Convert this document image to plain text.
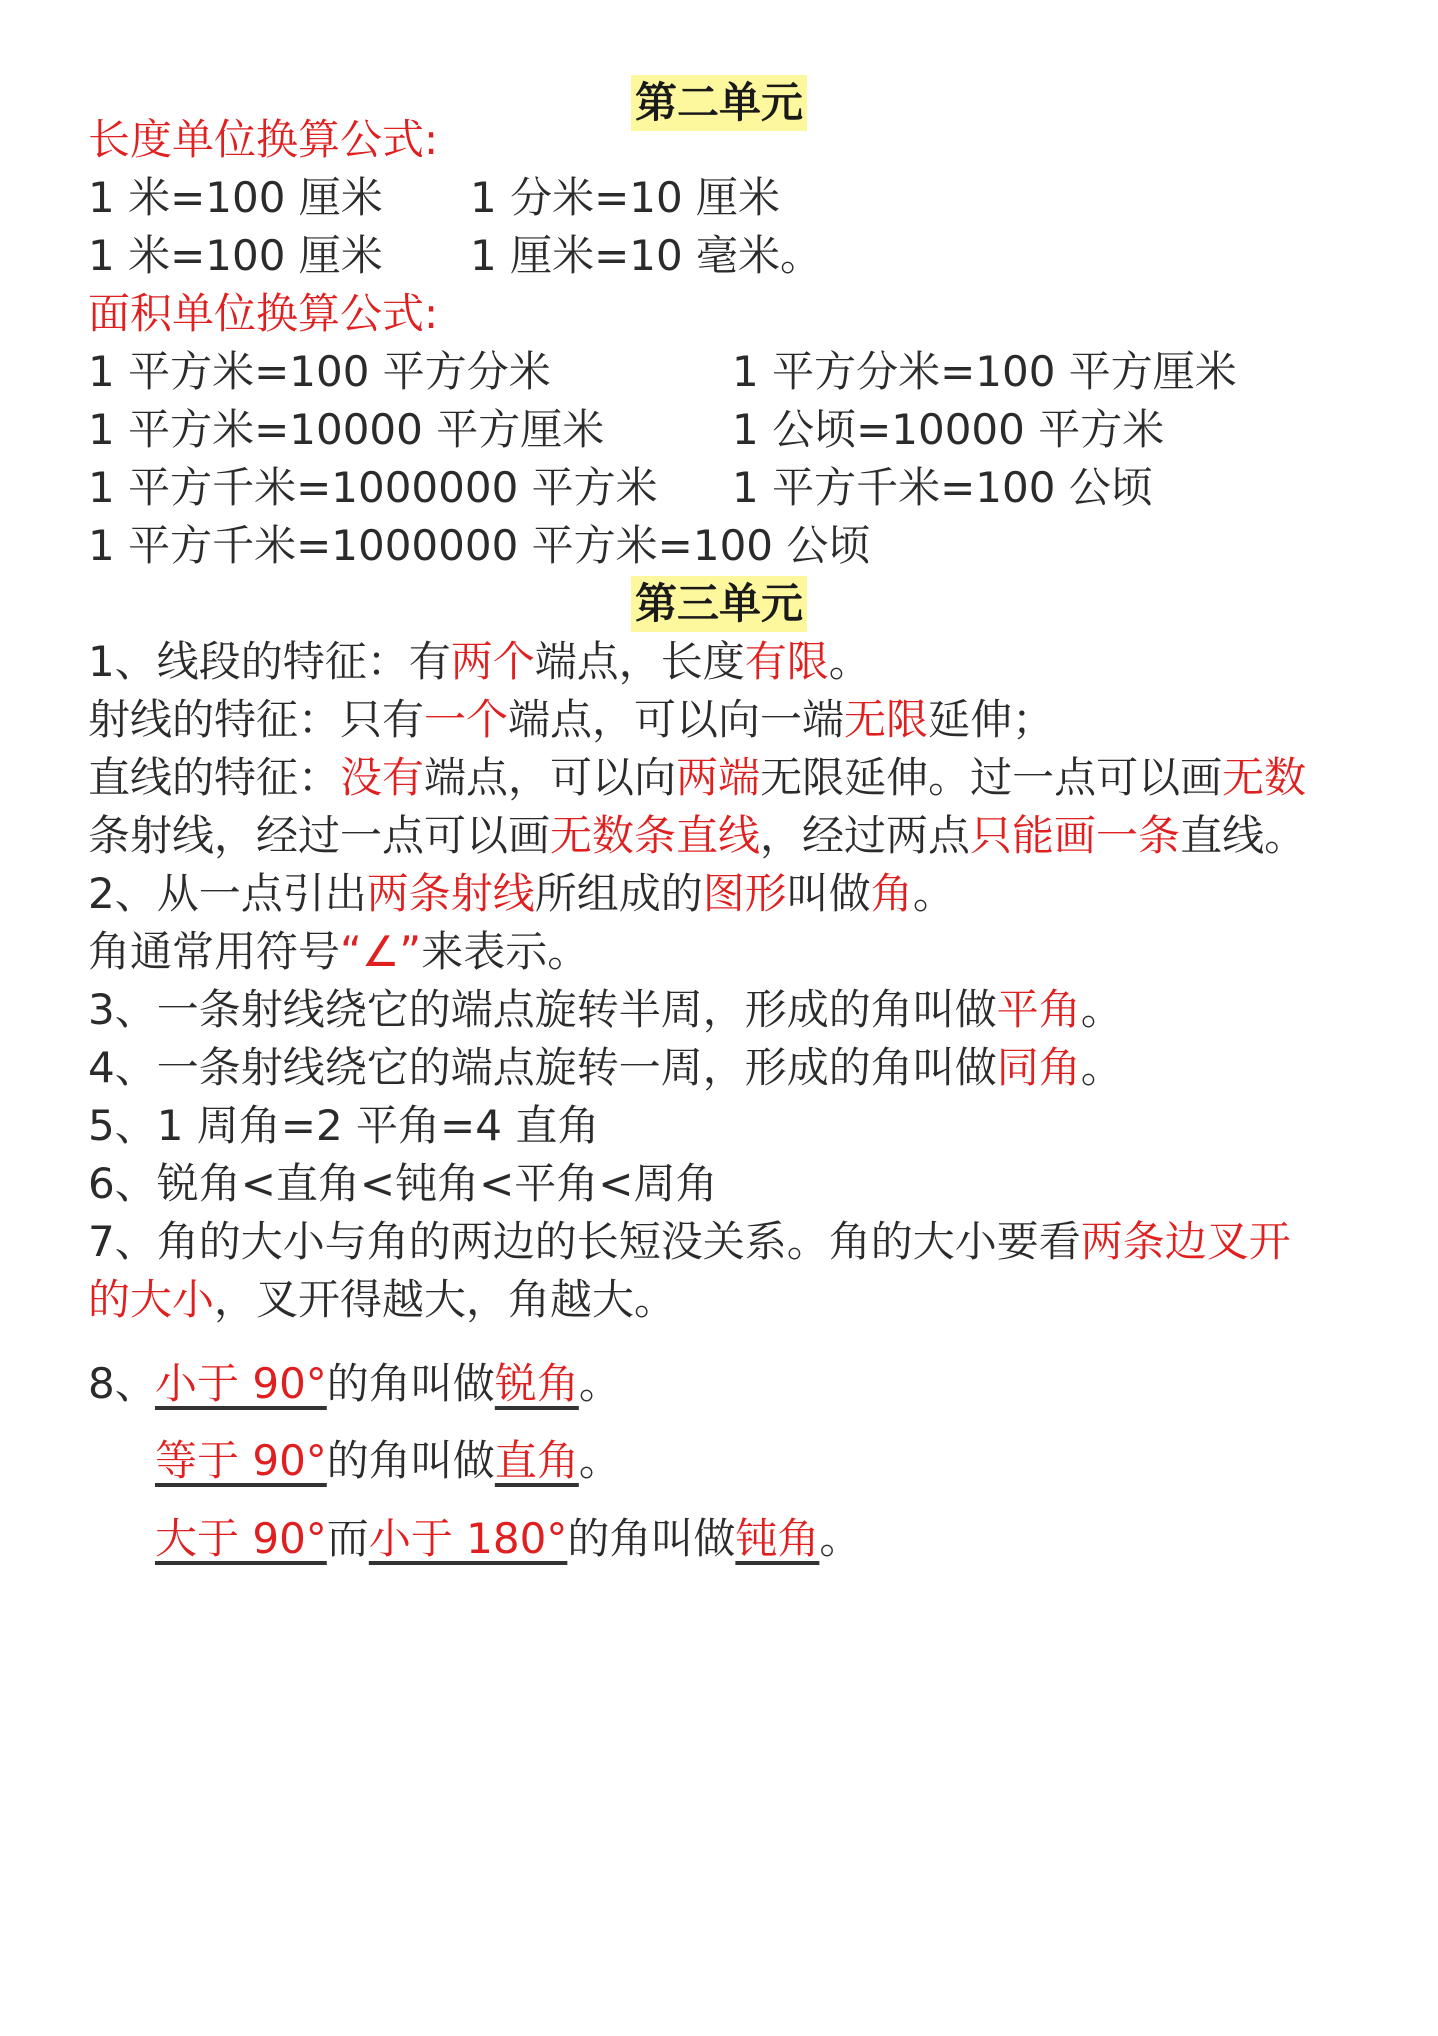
第二单元
长度单位换算公式:
1 米=100 厘米 1 分米=10 厘米
1 米=100 厘米 1 厘米=10 毫米。
面积单位换算公式:
1 平方米=100 平方分米	1 平方分米=100 平方厘米
1 平方米=10000 平方厘米	1 公顷=10000 平方米
1 平方千米=1000000 平方米 1 平方千米=100 公顷
1 平方千米=1000000 平方米=100 公顷
第三单元
1、线段的特征：有两个端点，长度有限。
射线的特征：只有一个端点，可以向一端无限延伸；
直线的特征：没有端点，可以向两端无限延伸。过一点可以画无数
条射线，经过一点可以画无数条直线，经过两点只能画一条直线。
2、从一点引出两条射线所组成的图形叫做角。
角通常用符号“∠”来表示。
3、一条射线绕它的端点旋转半周，形成的角叫做平角。
4、一条射线绕它的端点旋转一周，形成的角叫做同角。
5、1 周角=2 平角=4 直角
6、锐角<直角<钝角<平角<周角
7、角的大小与角的两边的长短没关系。角的大小要看两条边叉开
的大小，叉开得越大，角越大。
8、
小于 90°的角叫做锐角。
等于 90°的角叫做直角。
大于 90°而小于 180°的角叫做钝角。
